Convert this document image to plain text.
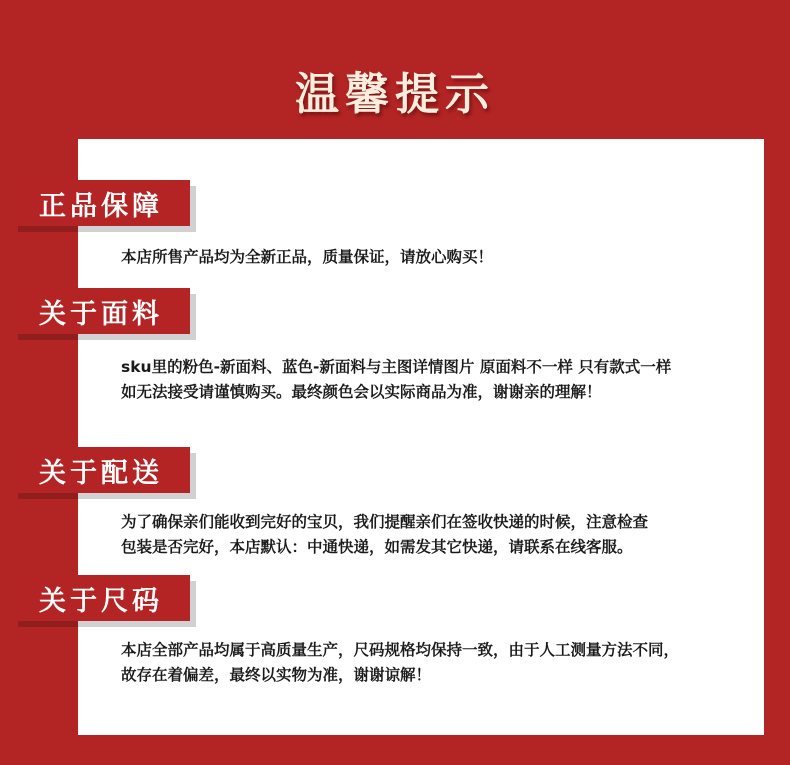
温馨提示
正品保障
本店所售产品均为全新正品，质量保证，请放心购买！
关于面料
sku里的粉色-新面料、蓝色-新面料与主图详情图片 原面料不一样 只有款式一样
如无法接受请谨慎购买。最终颜色会以实际商品为准，谢谢亲的理解！
关于配送
为了确保亲们能收到完好的宝贝，我们提醒亲们在签收快递的时候，注意检查
包装是否完好，本店默认：中通快递，如需发其它快递，请联系在线客服。
关于尺码
本店全部产品均属于高质量生产，尺码规格均保持一致，由于人工测量方法不同，
故存在着偏差，最终以实物为准，谢谢谅解！
